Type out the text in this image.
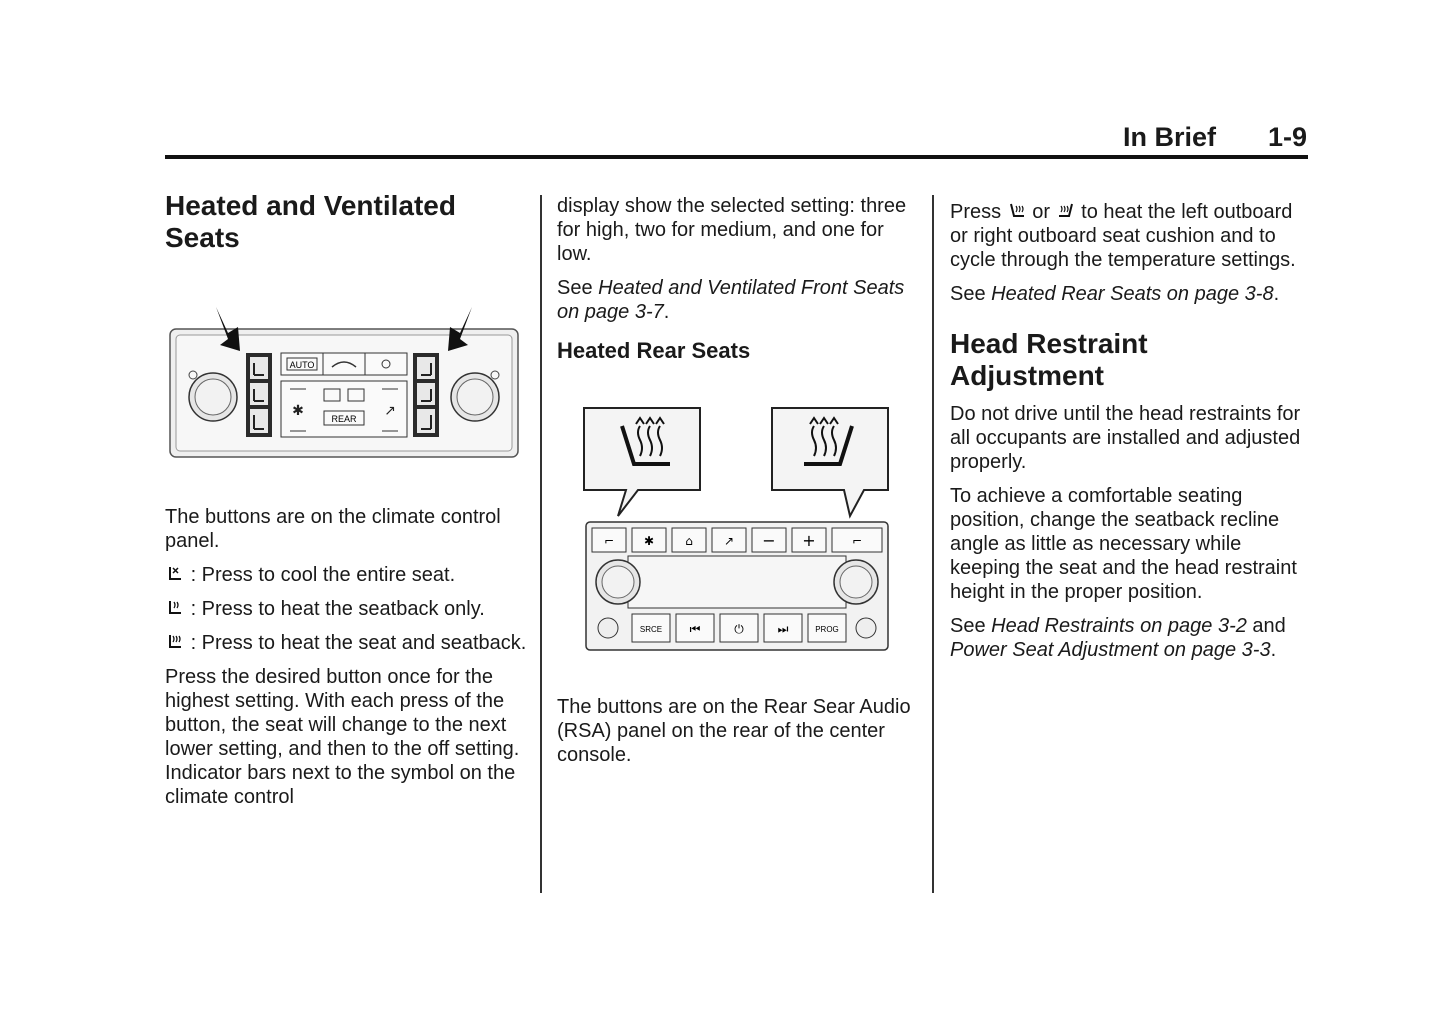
In Brief 1-9
Heated and Ventilated
Seats
AUTO
✱	↗
REAR

The buttons are on the climate control panel.

: Press to cool the entire seat.

: Press to heat the seatback only.

: Press to heat the seat and seatback.

Press the desired button once for the highest setting. With each press of the button, the seat will change to the next lower setting, and then to the off setting. Indicator bars next to the symbol on the climate control

display show the selected setting: three for high, two for medium, and one for low.

See Heated and Ventilated Front Seats on page 3-7.

Heated Rear Seats
⌐ ✱	⌂	↗ − +	⌐
SRCE ⏮	⏻	⏭	PROG

The buttons are on the Rear Sear Audio (RSA) panel on the rear of the center console.

Press
or
to heat the left outboard or right outboard seat cushion and to cycle through the temperature settings.

See Heated Rear Seats on page 3-8.

Head Restraint
Adjustment

Do not drive until the head restraints for all occupants are installed and adjusted properly.

To achieve a comfortable seating position, change the seatback recline angle as little as necessary while keeping the seat and the head restraint height in the proper position.

See Head Restraints on page 3-2 and Power Seat Adjustment on page 3-3.
